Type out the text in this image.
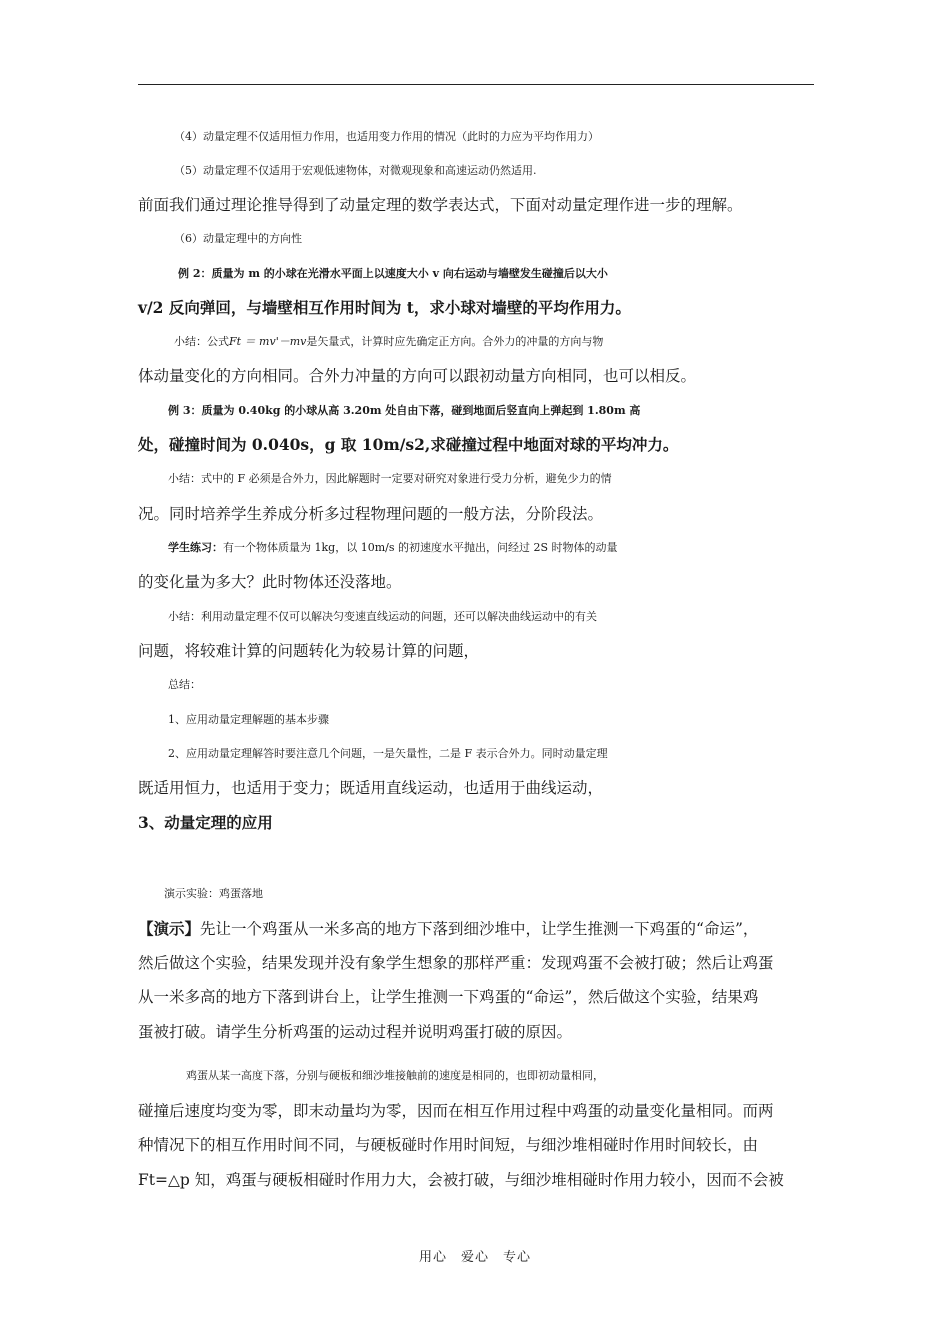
（4）动量定理不仅适用恒力作用，也适用变力作用的情况（此时的力应为平均作用力）

（5）动量定理不仅适用于宏观低速物体，对微观现象和高速运动仍然适用.

前面我们通过理论推导得到了动量定理的数学表达式，下面对动量定理作进一步的理解。

（6）动量定理中的方向性

例 2：质量为 m 的小球在光滑水平面上以速度大小 v 向右运动与墙壁发生碰撞后以大小
v/2 反向弹回，与墙壁相互作用时间为 t，求小球对墙壁的平均作用力。
小结：公式Ft ＝ mv'－mv是矢量式，计算时应先确定正方向。合外力的冲量的方向与物

体动量变化的方向相同。合外力冲量的方向可以跟初动量方向相同，也可以相反。

例 3：质量为 0.40kg 的小球从高 3.20m 处自由下落，碰到地面后竖直向上弹起到 1.80m 高

处，碰撞时间为 0.040s，g 取 10m/s2,求碰撞过程中地面对球的平均冲力。

小结：式中的 F 必须是合外力，因此解题时一定要对研究对象进行受力分析，避免少力的情

况。同时培养学生养成分析多过程物理问题的一般方法，分阶段法。

学生练习：有一个物体质量为 1kg，以 10m/s 的初速度水平抛出，问经过 2S 时物体的动量

的变化量为多大？此时物体还没落地。

小结：利用动量定理不仅可以解决匀变速直线运动的问题，还可以解决曲线运动中的有关

问题，将较难计算的问题转化为较易计算的问题，

总结：

1、应用动量定理解题的基本步骤

2、应用动量定理解答时要注意几个问题，一是矢量性，二是 F 表示合外力。同时动量定理

既适用恒力，也适用于变力；既适用直线运动，也适用于曲线运动，

3、动量定理的应用

演示实验：鸡蛋落地

【演示】先让一个鸡蛋从一米多高的地方下落到细沙堆中，让学生推测一下鸡蛋的“命运”，

然后做这个实验，结果发现并没有象学生想象的那样严重：发现鸡蛋不会被打破；然后让鸡蛋

从一米多高的地方下落到讲台上，让学生推测一下鸡蛋的“命运”，然后做这个实验，结果鸡

蛋被打破。请学生分析鸡蛋的运动过程并说明鸡蛋打破的原因。

鸡蛋从某一高度下落，分别与硬板和细沙堆接触前的速度是相同的，也即初动量相同，

碰撞后速度均变为零，即末动量均为零，因而在相互作用过程中鸡蛋的动量变化量相同。而两

种情况下的相互作用时间不同，与硬板碰时作用时间短，与细沙堆相碰时作用时间较长，由

Ft=△p 知，鸡蛋与硬板相碰时作用力大，会被打破，与细沙堆相碰时作用力较小，因而不会被

用心　爱心　专心
